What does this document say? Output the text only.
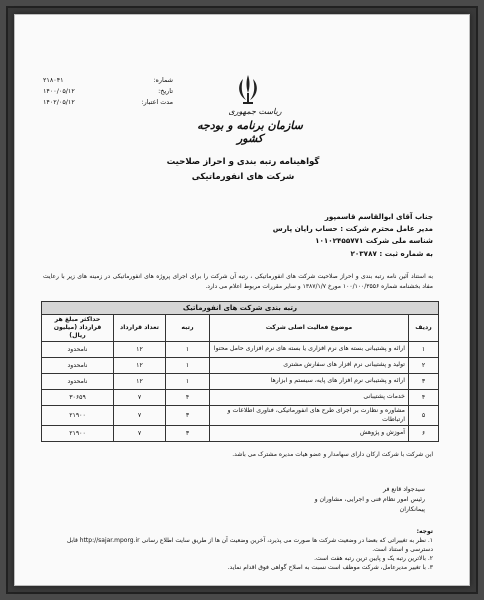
شماره:
۲۱۸۰۴۱
تاریخ:
۱۴۰۰/۰۵/۱۲
مدت اعتبار:
۱۴۰۲/۰۵/۱۲
ریاست جمهوری
سازمان برنامه و بودجه کشور
گواهینامه رتبه بندی و احراز صلاحیت
شرکت های انفورماتیکی
جناب آقای ابوالقاسم قاسمپور
مدیر عامل محترم شرکت : حساب رایان پارس
شناسه ملی شرکت ۱۰۱۰۲۴۵۵۷۷۱
به شماره ثبت : ۲۰۳۷۸۷
به استناد آئین نامه رتبه بندی و احراز صلاحیت شرکت های انفورماتیکی ، رتبه آن شرکت را برای اجرای پروژه های انفورماتیکی در زمینه های زیر با رعایت مفاد بخشنامه شماره ۱۰۰/۱۰۰/۳۵۵۶ مورخ ۱۳۸۷/۱/۷ و سایر مقررات مربوط اعلام می دارد.
رتبه بندی شرکت های انفورماتیک				
ردیف	موضوع فعالیت اصلی شرکت	رتبه	تعداد قرارداد	حداکثر مبلغ هر قرارداد (میلیون ریال)
۱	ارائه و پشتیبانی بسته های نرم افزاری یا بسته های نرم افزاری حامل محتوا	۱	۱۲	نامحدود
۲	تولید و پشتیبانی نرم افزار های سفارش مشتری	۱	۱۲	نامحدود
۳	ارائه و پشتیبانی نرم افزار های پایه، سیستم و ابزارها	۱	۱۲	نامحدود
۴	خدمات پشتیبانی	۴	۷	۳۰۶۵۹
۵	مشاوره و نظارت بر اجرای طرح های انفورماتیکی، فناوری اطلاعات و ارتباطات	۳	۷	۲۱۹۰۰
۶	آموزش و پژوهش	۳	۷	۲۱۹۰۰
این شرکت با شرکت ارکان دارای سهامدار و عضو هیات مدیره مشترک می باشد.
سیدجواد قانع فر
رئیس امور نظام فنی و اجرایی، مشاوران و پیمانکاران
توجه:
۱. نظر به تغییراتی که بعضا در وضعیت شرکت ها صورت می پذیرد، آخرین وضعیت آن ها از طریق سایت اطلاع رسانی http://sajar.mporg.ir قابل دسترسی و استناد است.
۲. بالاترین رتبه یک و پایین ترین رتبه هفت است.
۳. با تغییر مدیرعامل، شرکت موظف است نسبت به اصلاح گواهی فوق اقدام نماید.
